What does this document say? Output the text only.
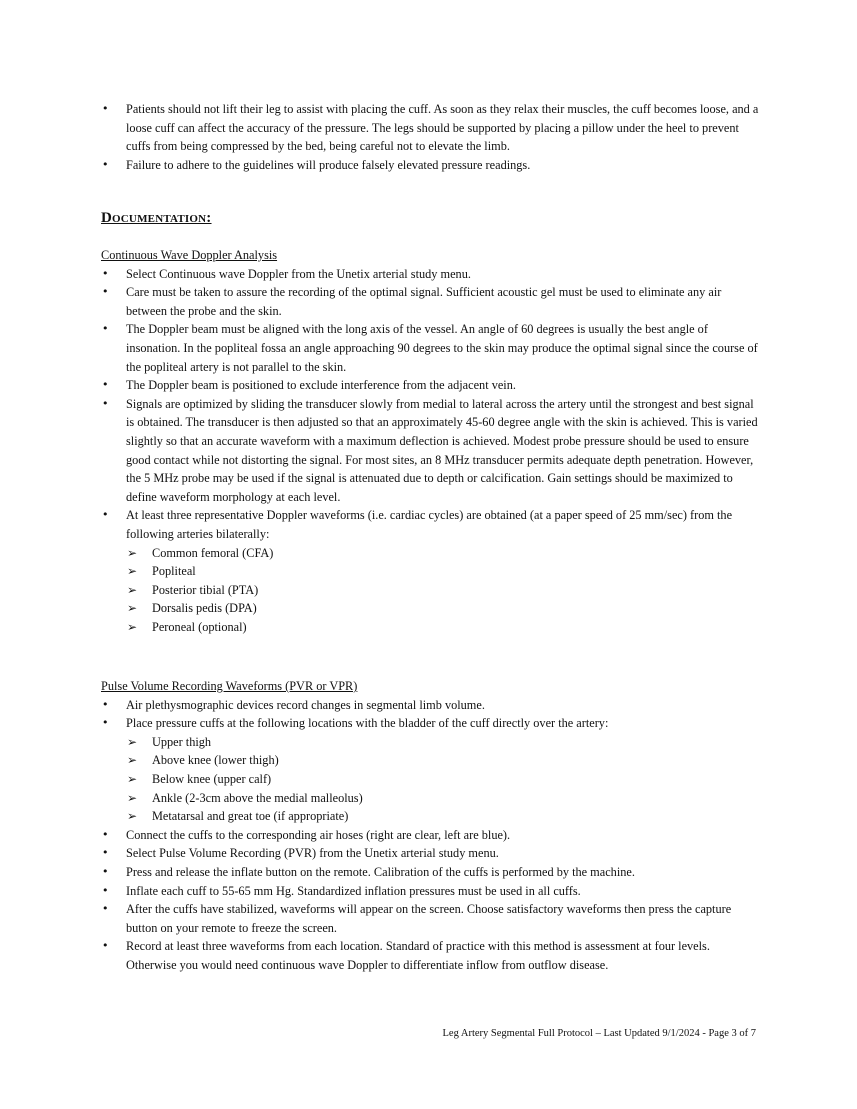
• Patients should not lift their leg to assist with placing the cuff. As soon as they relax their muscles, the cuff becomes loose, and a loose cuff can affect the accuracy of the pressure. The legs should be supported by placing a pillow under the heel to prevent cuffs from being compressed by the bed, being careful not to elevate the limb.
• Failure to adhere to the guidelines will produce falsely elevated pressure readings.
Documentation:
Continuous Wave Doppler Analysis
• Select Continuous wave Doppler from the Unetix arterial study menu.
• Care must be taken to assure the recording of the optimal signal. Sufficient acoustic gel must be used to eliminate any air between the probe and the skin.
• The Doppler beam must be aligned with the long axis of the vessel. An angle of 60 degrees is usually the best angle of insonation. In the popliteal fossa an angle approaching 90 degrees to the skin may produce the optimal signal since the course of the popliteal artery is not parallel to the skin.
• The Doppler beam is positioned to exclude interference from the adjacent vein.
• Signals are optimized by sliding the transducer slowly from medial to lateral across the artery until the strongest and best signal is obtained. The transducer is then adjusted so that an approximately 45-60 degree angle with the skin is achieved. This is varied slightly so that an accurate waveform with a maximum deflection is achieved. Modest probe pressure should be used to ensure good contact while not distorting the signal. For most sites, an 8 MHz transducer permits adequate depth penetration. However, the 5 MHz probe may be used if the signal is attenuated due to depth or calcification. Gain settings should be maximized to define waveform morphology at each level.
• At least three representative Doppler waveforms (i.e. cardiac cycles) are obtained (at a paper speed of 25 mm/sec) from the following arteries bilaterally:
➢ Common femoral (CFA)
➢ Popliteal
➢ Posterior tibial (PTA)
➢ Dorsalis pedis (DPA)
➢ Peroneal (optional)
Pulse Volume Recording Waveforms (PVR or VPR)
• Air plethysmographic devices record changes in segmental limb volume.
• Place pressure cuffs at the following locations with the bladder of the cuff directly over the artery:
➢ Upper thigh
➢ Above knee (lower thigh)
➢ Below knee (upper calf)
➢ Ankle (2-3cm above the medial malleolus)
➢ Metatarsal and great toe (if appropriate)
• Connect the cuffs to the corresponding air hoses (right are clear, left are blue).
• Select Pulse Volume Recording (PVR) from the Unetix arterial study menu.
• Press and release the inflate button on the remote. Calibration of the cuffs is performed by the machine.
• Inflate each cuff to 55-65 mm Hg. Standardized inflation pressures must be used in all cuffs.
• After the cuffs have stabilized, waveforms will appear on the screen. Choose satisfactory waveforms then press the capture button on your remote to freeze the screen.
• Record at least three waveforms from each location. Standard of practice with this method is assessment at four levels. Otherwise you would need continuous wave Doppler to differentiate inflow from outflow disease.
Leg Artery Segmental Full Protocol – Last Updated 9/1/2024 - Page 3 of 7
